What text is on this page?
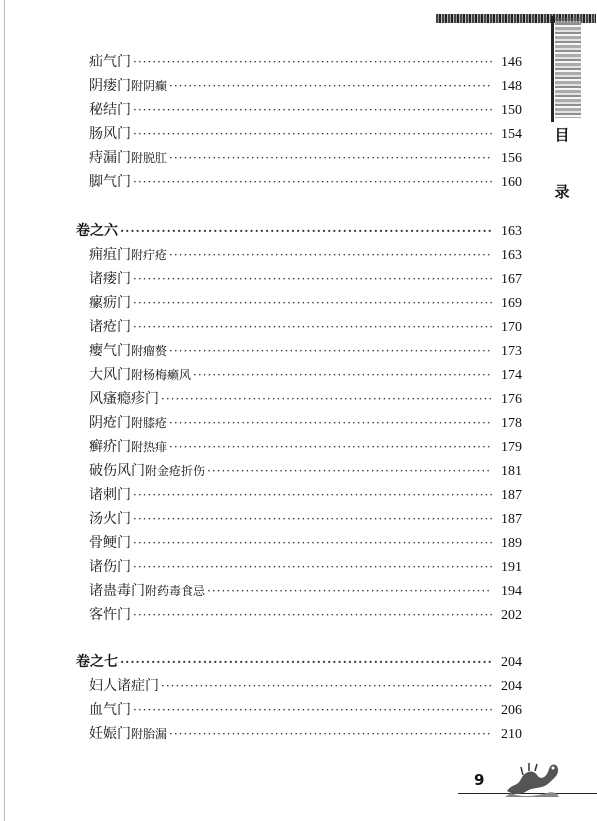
目
录
疝气门 ·····	146
阴瘘门 附阴癫 ·····	148
秘结门 ·····	150
肠风门 ·····	154
痔漏门 附脱肛 ·····	156
脚气门 ·····	160
卷之六 ·····	163
痈疽门 附疔疮 ·····	163
诸瘘门 ·····	167
瘰疬门 ·····	169
诸疮门 ·····	170
瘿气门 附瘤赘 ·····	173
大风门 附杨梅癞风 ·····	174
风瘙瘾疹门 ·····	176
阴疮门 附膝疮 ·····	178
癣疥门 附热痱 ·····	179
破伤风门 附金疮折伤 ·····	181
诸刺门 ·····	187
汤火门 ·····	187
骨鲠门 ·····	189
诸伤门 ·····	191
诸蛊毒门 附药毒食忌 ·····	194
客忤门 ·····	202
卷之七 ·····	204
妇人诸症门 ·····	204
血气门 ·····	206
妊娠门 附胎漏 ·····	210
9
